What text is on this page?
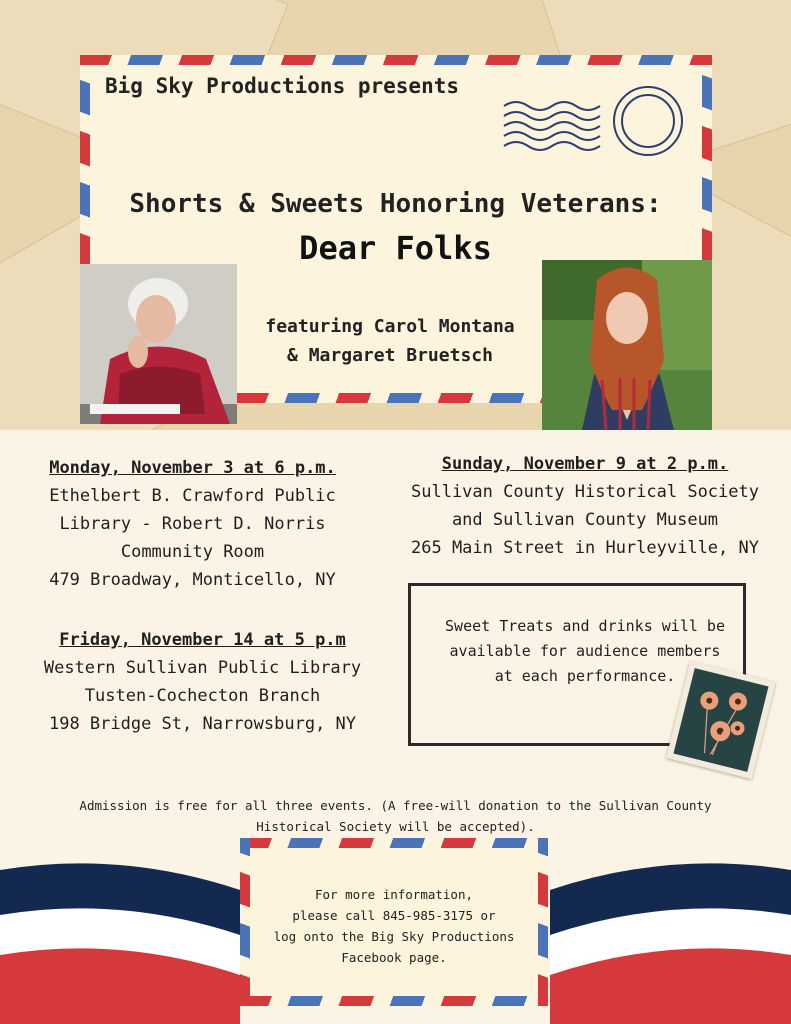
Big Sky Productions presents
Shorts & Sweets Honoring Veterans:
Dear Folks
featuring Carol Montana
& Margaret Bruetsch
Monday, November 3 at 6 p.m.
Ethelbert B. Crawford Public
Library - Robert D. Norris
Community Room
479 Broadway, Monticello, NY
Sunday, November 9 at 2 p.m.
Sullivan County Historical Society
and Sullivan County Museum
265 Main Street in Hurleyville, NY
Friday, November 14 at 5 p.m
Western Sullivan Public Library
Tusten-Cochecton Branch
198 Bridge St, Narrowsburg, NY
Sweet Treats and drinks will be
available for audience members
at each performance.
Admission is free for all three events. (A free-will donation to the Sullivan County
Historical Society will be accepted).
For more information,
please call 845-985-3175 or
log onto the Big Sky Productions
Facebook page.
